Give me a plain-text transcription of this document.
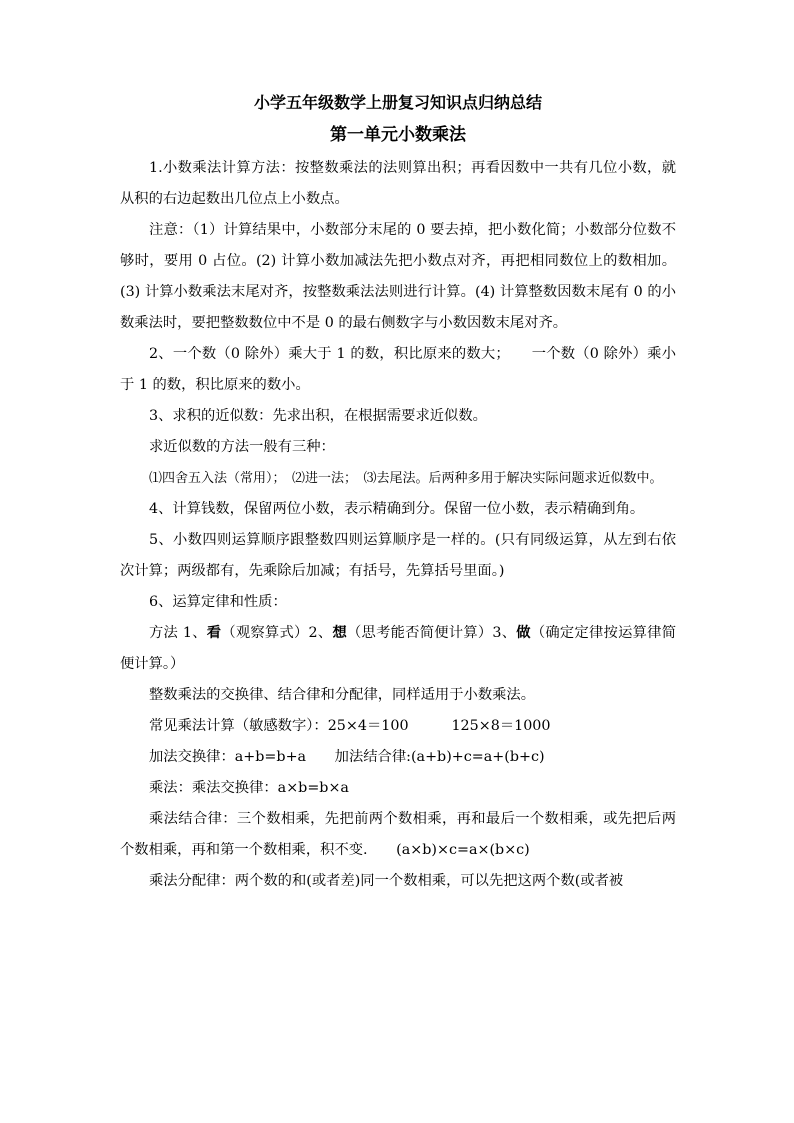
小学五年级数学上册复习知识点归纳总结
第一单元小数乘法

1.小数乘法计算方法：按整数乘法的法则算出积；再看因数中一共有几位小数，就从积的右边起数出几位点上小数点。

注意：（1）计算结果中，小数部分末尾的 0 要去掉，把小数化简；小数部分位数不够时，要用 0 占位。(2) 计算小数加减法先把小数点对齐，再把相同数位上的数相加。(3) 计算小数乘法末尾对齐，按整数乘法法则进行计算。(4) 计算整数因数末尾有 0 的小数乘法时，要把整数数位中不是 0 的最右侧数字与小数因数末尾对齐。

2、一个数（0 除外）乘大于 1 的数，积比原来的数大；　　一个数（0 除外）乘小于 1 的数，积比原来的数小。

3、求积的近似数：先求出积，在根据需要求近似数。

求近似数的方法一般有三种：

⑴四舍五入法（常用）；　⑵进一法；　⑶去尾法。后两种多用于解决实际问题求近似数中。

4、计算钱数，保留两位小数，表示精确到分。保留一位小数，表示精确到角。

5、小数四则运算顺序跟整数四则运算顺序是一样的。(只有同级运算，从左到右依次计算；两级都有，先乘除后加减；有括号，先算括号里面。)

6、运算定律和性质：

方法 1、看（观察算式）2、想（思考能否简便计算）3、做（确定定律按运算律简便计算。）

整数乘法的交换律、结合律和分配律，同样适用于小数乘法。

常见乘法计算（敏感数字）：25×4＝100　　　125×8＝1000

加法交换律：a+b=b+a　　加法结合律:(a+b)+c=a+(b+c)

乘法：乘法交换律：a×b=b×a

乘法结合律：三个数相乘，先把前两个数相乘，再和最后一个数相乘，或先把后两个数相乘，再和第一个数相乘，积不变.　　(a×b)×c=a×(b×c)

乘法分配律：两个数的和(或者差)同一个数相乘，可以先把这两个数(或者被
